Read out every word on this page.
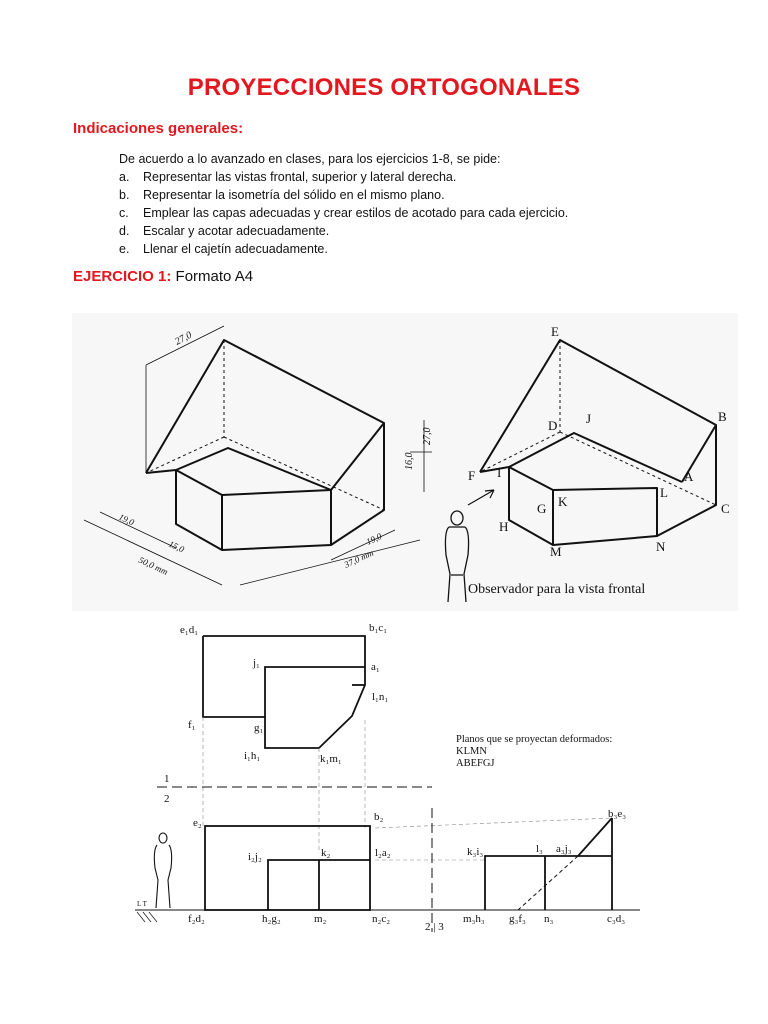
PROYECCIONES ORTOGONALES
Indicaciones generales:

De acuerdo a lo avanzado en clases, para los ejercicios 1-8, se pide:

a. Representar las vistas frontal, superior y lateral derecha.
b. Representar la isometría del sólido en el mismo plano.
c. Emplear las capas adecuadas y crear estilos de acotado para cada ejercicio.
d. Escalar y acotar adecuadamente.
e. Llenar el cajetín adecuadamente.

EJERCICIO 1: Formato A4

27,0
27,0
16,0
19,0
15,0
50,0 mm
19,0
37,0 mm
E
D J	B
F I	A
G K
L
H
C
M	N
Observador para la vista frontal
L T
1
2
2 | 3
e₁d₁	b₁c₁
j₁	a₁
l₁n₁
f₁	g₁
i₁h₁	k₁m₁
e₂	b₂
i₂j₂	k₂	l₂a₂
f₂d₂	h₂g₂	m₂	n₂c₂
b₃e₃
k₃i₃	l₃ a₃j₃
m₃h₃ g₃f₃ n₃	c₃d₃
Planos que se proyectan deformados:
KLMN
ABEFGJ
